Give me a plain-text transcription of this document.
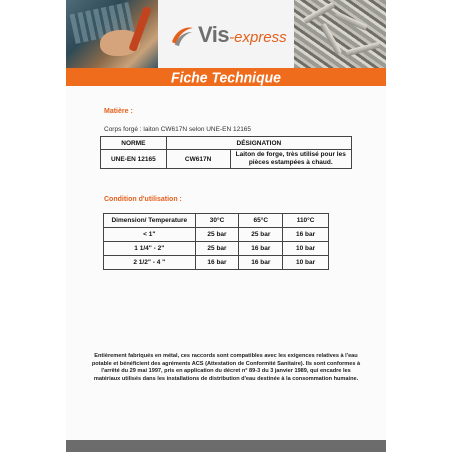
Vis-express
Fiche Technique
Matière :
Corps forgé : laiton CW617N selon UNE-EN 12165
NORME	DÉSIGNATION	
UNE-EN 12165	CW617N	Laiton de forge, très utilisé pour les pièces estampées à chaud.
Condition d'utilisation :
Dimension/ Temperature	30°C	65°C	110°C
< 1"	25 bar	25 bar	16 bar
1 1/4" - 2"	25 bar	16 bar	10 bar
2 1/2" - 4 "	16 bar	16 bar	10 bar
Entièrement fabriqués en métal, ces raccords sont compatibles avec les exigences relatives à l'eau potable et bénéficient des agréments ACS (Attestation de Conformité Sanitaire). Ils sont conformes à l'arrêté du 29 mai 1997, pris en application du décret n° 89-3 du 3 janvier 1989, qui encadre les matériaux utilisés dans les installations de distribution d'eau destinée à la consommation humaine.
